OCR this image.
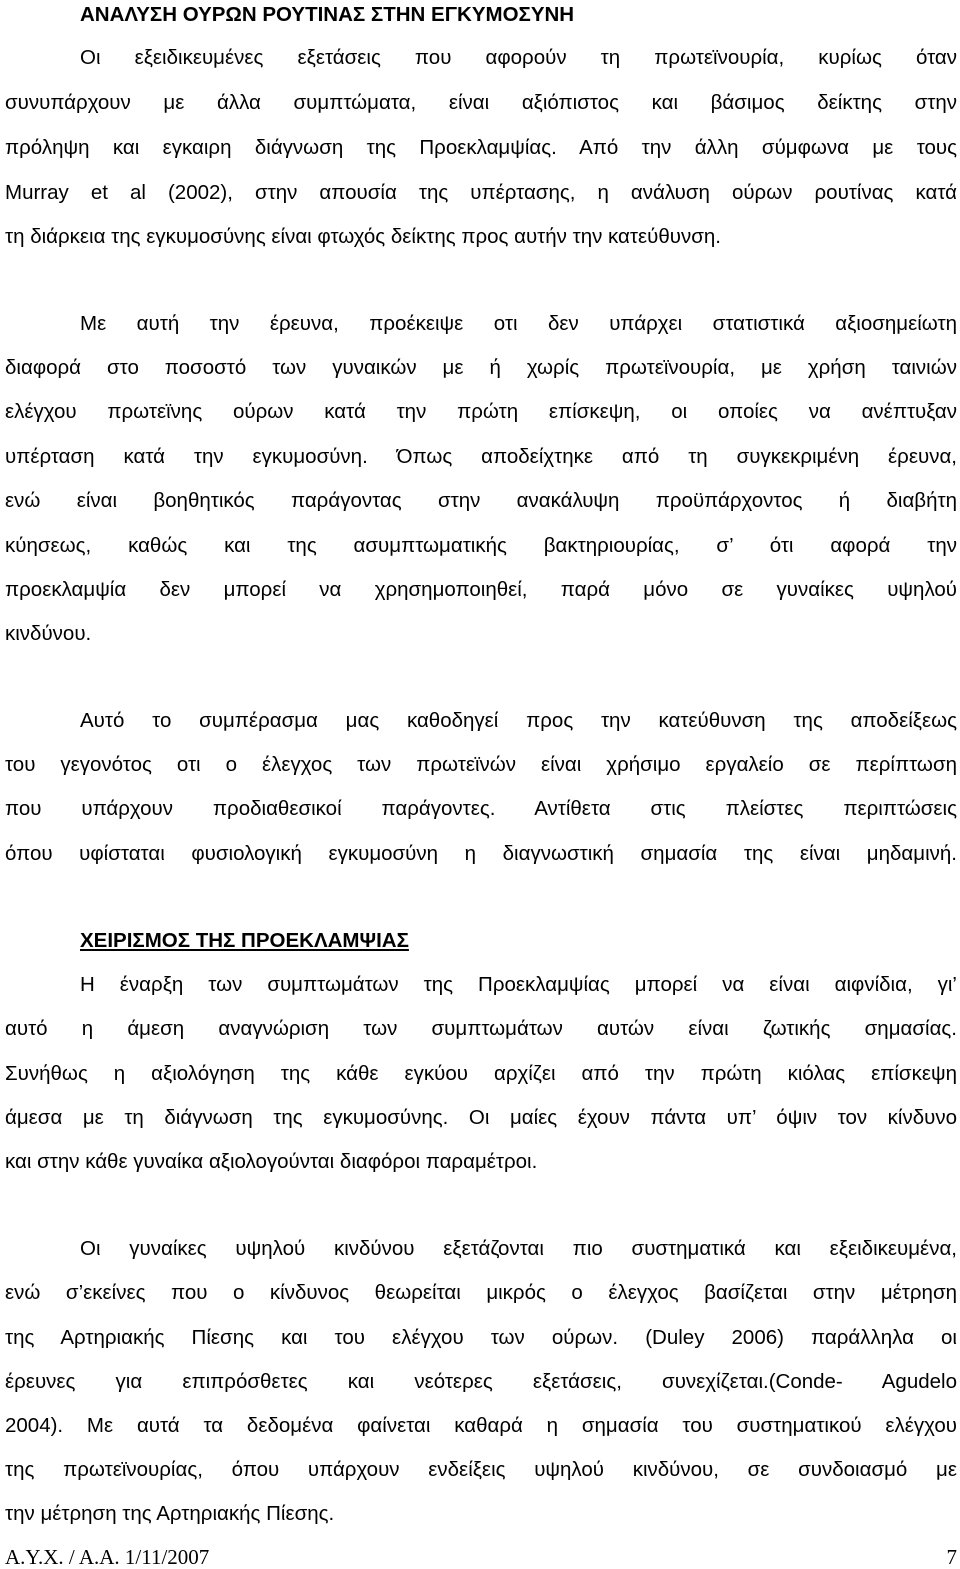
ΑΝΑΛΥΣΗ ΟΥΡΩΝ ΡΟΥΤΙΝΑΣ ΣΤΗΝ ΕΓΚΥΜΟΣΥΝΗ
Οι εξειδικευμένες εξετάσεις που αφορούν τη πρωτεϊνουρία, κυρίως όταν
συνυπάρχουν με άλλα συμπτώματα, είναι αξιόπιστος και βάσιμος δείκτης στην
πρόληψη και εγκαιρη διάγνωση της Προεκλαμψίας. Από την άλλη σύμφωνα με τους
Murray et al (2002), στην απουσία της υπέρτασης, η ανάλυση ούρων ρουτίνας κατά
τη διάρκεια της εγκυμοσύνης είναι φτωχός δείκτης προς αυτήν την κατεύθυνση.
Με αυτή την έρευνα, προέκειψε οτι δεν υπάρχει στατιστικά αξιοσημείωτη
διαφορά στο ποσοστό των γυναικών με ή χωρίς πρωτεϊνουρία, με χρήση ταινιών
ελέγχου πρωτεϊνης ούρων κατά την πρώτη επίσκεψη, οι οποίες να ανέπτυξαν
υπέρταση κατά την εγκυμοσύνη. Όπως αποδείχτηκε από τη συγκεκριμένη έρευνα,
ενώ είναι βοηθητικός παράγοντας στην ανακάλυψη προϋπάρχοντος ή διαβήτη
κύησεως, καθώς και της ασυμπτωματικής βακτηριουρίας, σ’ ότι αφορά την
προεκλαμψία δεν μπορεί να χρησημοποιηθεί, παρά μόνο σε γυναίκες υψηλού
κινδύνου.
Αυτό το συμπέρασμα μας καθοδηγεί προς την κατεύθυνση της αποδείξεως
του γεγονότος οτι ο έλεγχος των πρωτεϊνών είναι χρήσιμο εργαλείο σε περίπτωση
που υπάρχουν προδιαθεσικοί παράγοντες. Αντίθετα στις πλείστες περιπτώσεις
όπου υφίσταται φυσιολογική εγκυμοσύνη η διαγνωστική σημασία της είναι μηδαμινή.
ΧΕΙΡΙΣΜΟΣ ΤΗΣ ΠΡΟΕΚΛΑΜΨΙΑΣ
Η έναρξη των συμπτωμάτων της Προεκλαμψίας μπορεί να είναι αιφνίδια, γι’
αυτό η άμεση αναγνώριση των συμπτωμάτων αυτών είναι ζωτικής σημασίας.
Συνήθως η αξιολόγηση της κάθε εγκύου αρχίζει από την πρώτη κιόλας επίσκεψη
άμεσα με τη διάγνωση της εγκυμοσύνης. Οι μαίες έχουν πάντα υπ’ όψιν τον κίνδυνο
και στην κάθε γυναίκα αξιολογούνται διαφόροι παραμέτροι.
Οι γυναίκες υψηλού κινδύνου εξετάζονται πιο συστηματικά και εξειδικευμένα,
ενώ σ’εκείνες που ο κίνδυνος θεωρείται μικρός ο έλεγχος βασίζεται στην μέτρηση
της Αρτηριακής Πίεσης και του ελέγχου των ούρων. (Duley 2006) παράλληλα οι
έρευνες για επιπρόσθετες και νεότερες εξετάσεις, συνεχίζεται.(Conde- Agudelo
2004). Με αυτά τα δεδομένα φαίνεται καθαρά η σημασία του συστηματικού ελέγχου
της πρωτεϊνουρίας, όπου υπάρχουν ενδείξεις υψηλού κινδύνου, σε συνδοιασμό με
την μέτρηση της Αρτηριακής Πίεσης.
Α.Υ.Χ. / Α.Α. 1/11/2007	7
